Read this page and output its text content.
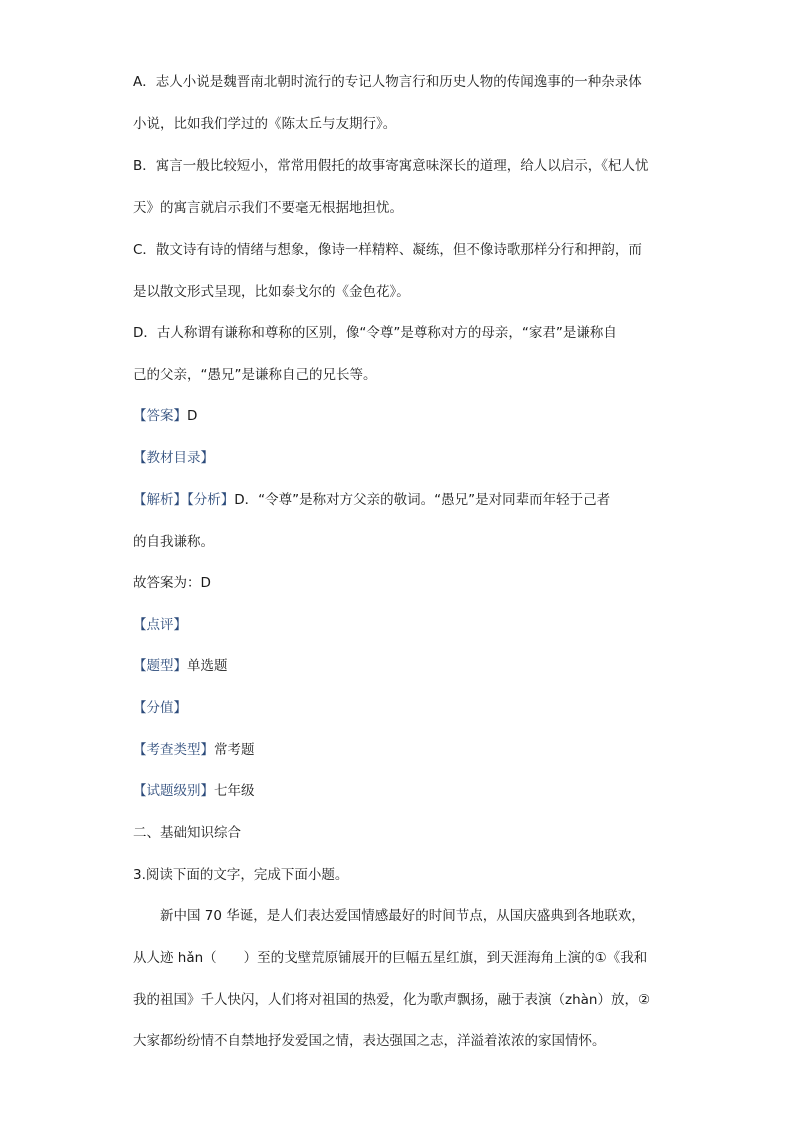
A．志人小说是魏晋南北朝时流行的专记人物言行和历史人物的传闻逸事的一种杂录体
小说，比如我们学过的《陈太丘与友期行》。
B．寓言一般比较短小，常常用假托的故事寄寓意味深长的道理，给人以启示，《杞人忧
天》的寓言就启示我们不要毫无根据地担忧。
C．散文诗有诗的情绪与想象，像诗一样精粹、凝练，但不像诗歌那样分行和押韵，而
是以散文形式呈现，比如泰戈尔的《金色花》。
D．古人称谓有谦称和尊称的区别，像“令尊”是尊称对方的母亲，“家君”是谦称自
己的父亲，“愚兄”是谦称自己的兄长等。
【答案】D
【教材目录】
【解析】【分析】D．“令尊”是称对方父亲的敬词。“愚兄”是对同辈而年轻于己者
的自我谦称。
故答案为：D
【点评】
【题型】单选题
【分值】
【考查类型】常考题
【试题级别】七年级
二、基础知识综合
3.阅读下面的文字，完成下面小题。
新中国 70 华诞，是人们表达爱国情感最好的时间节点，从国庆盛典到各地联欢，
从人迹 hǎn（　　）至的戈壁荒原铺展开的巨幅五星红旗，到天涯海角上演的①《我和
我的祖国》千人快闪，人们将对祖国的热爱，化为歌声飘扬，融于表演（zhàn）放，②
大家都纷纷情不自禁地抒发爱国之情，表达强国之志，洋溢着浓浓的家国情怀。
